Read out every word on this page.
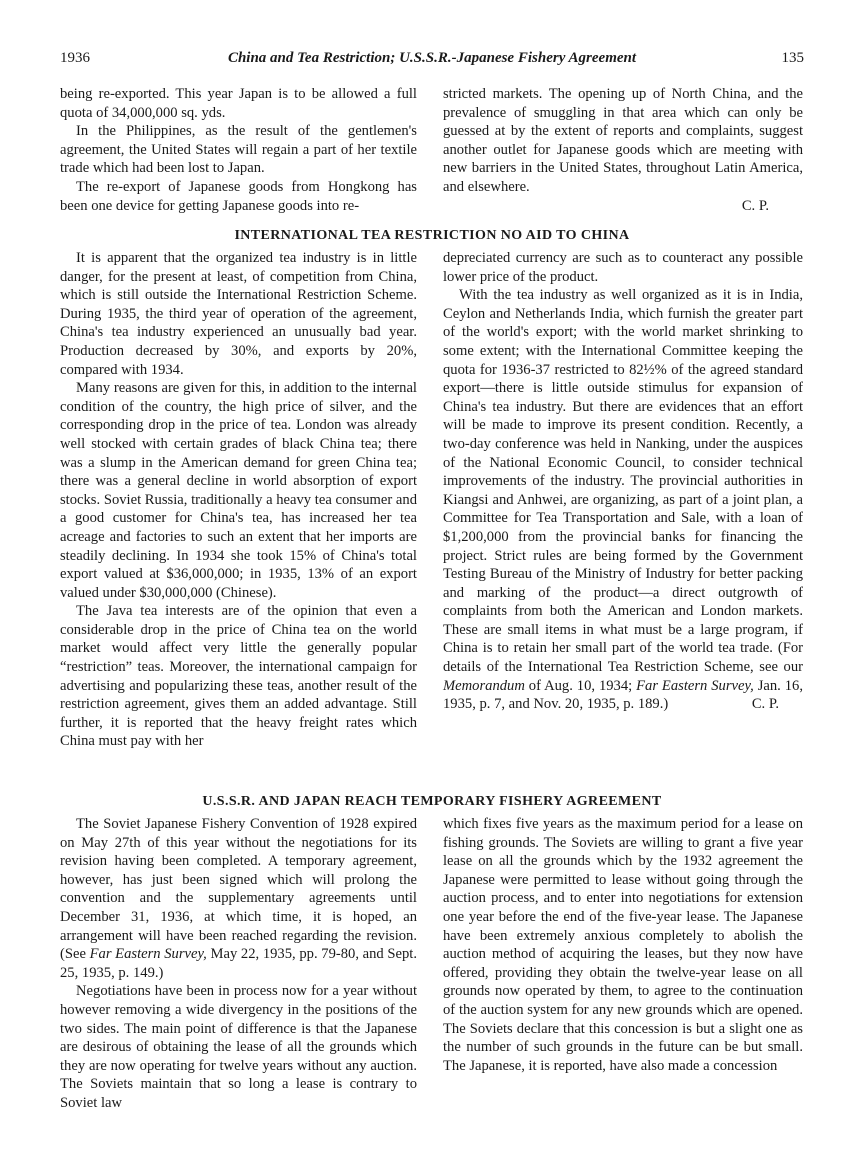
1936	China and Tea Restriction; U.S.S.R.-Japanese Fishery Agreement	135

being re-exported. This year Japan is to be allowed a full quota of 34,000,000 sq. yds.

In the Philippines, as the result of the gentlemen's agreement, the United States will regain a part of her textile trade which had been lost to Japan.

The re-export of Japanese goods from Hongkong has been one device for getting Japanese goods into re-

stricted markets. The opening up of North China, and the prevalence of smuggling in that area which can only be guessed at by the extent of reports and complaints, suggest another outlet for Japanese goods which are meeting with new barriers in the United States, throughout Latin America, and elsewhere.

C. P.
INTERNATIONAL TEA RESTRICTION NO AID TO CHINA

It is apparent that the organized tea industry is in little danger, for the present at least, of competition from China, which is still outside the International Restriction Scheme. During 1935, the third year of operation of the agreement, China's tea industry experienced an unusually bad year. Production decreased by 30%, and exports by 20%, compared with 1934.

Many reasons are given for this, in addition to the internal condition of the country, the high price of silver, and the corresponding drop in the price of tea. London was already well stocked with certain grades of black China tea; there was a slump in the American demand for green China tea; there was a general decline in world absorption of export stocks. Soviet Russia, traditionally a heavy tea consumer and a good customer for China's tea, has increased her tea acreage and factories to such an extent that her imports are steadily declining. In 1934 she took 15% of China's total export valued at $36,000,000; in 1935, 13% of an export valued under $30,000,000 (Chinese).

The Java tea interests are of the opinion that even a considerable drop in the price of China tea on the world market would affect very little the generally popular “restriction” teas. Moreover, the international campaign for advertising and popularizing these teas, another result of the restriction agreement, gives them an added advantage. Still further, it is reported that the heavy freight rates which China must pay with her

depreciated currency are such as to counteract any possible lower price of the product.

With the tea industry as well organized as it is in India, Ceylon and Netherlands India, which furnish the greater part of the world's export; with the world market shrinking to some extent; with the International Committee keeping the quota for 1936-37 restricted to 82½% of the agreed standard export—there is little outside stimulus for expansion of China's tea industry. But there are evidences that an effort will be made to improve its present condition. Recently, a two-day conference was held in Nanking, under the auspices of the National Economic Council, to consider technical improvements of the industry. The provincial authorities in Kiangsi and Anhwei, are organizing, as part of a joint plan, a Committee for Tea Transportation and Sale, with a loan of $1,200,000 from the provincial banks for financing the project. Strict rules are being formed by the Government Testing Bureau of the Ministry of Industry for better packing and marking of the product—a direct outgrowth of complaints from both the American and London markets. These are small items in what must be a large program, if China is to retain her small part of the world tea trade. (For details of the International Tea Restriction Scheme, see our Memorandum of Aug. 10, 1934; Far Eastern Survey, Jan. 16, 1935, p. 7, and Nov. 20, 1935, p. 189.)	C. P.

U.S.S.R. AND JAPAN REACH TEMPORARY FISHERY AGREEMENT

The Soviet Japanese Fishery Convention of 1928 expired on May 27th of this year without the negotiations for its revision having been completed. A temporary agreement, however, has just been signed which will prolong the convention and the supplementary agreements until December 31, 1936, at which time, it is hoped, an arrangement will have been reached regarding the revision. (See Far Eastern Survey, May 22, 1935, pp. 79-80, and Sept. 25, 1935, p. 149.)

Negotiations have been in process now for a year without however removing a wide divergency in the positions of the two sides. The main point of difference is that the Japanese are desirous of obtaining the lease of all the grounds which they are now operating for twelve years without any auction. The Soviets maintain that so long a lease is contrary to Soviet law

which fixes five years as the maximum period for a lease on fishing grounds. The Soviets are willing to grant a five year lease on all the grounds which by the 1932 agreement the Japanese were permitted to lease without going through the auction process, and to enter into negotiations for extension one year before the end of the five-year lease. The Japanese have been extremely anxious completely to abolish the auction method of acquiring the leases, but they now have offered, providing they obtain the twelve-year lease on all grounds now operated by them, to agree to the continuation of the auction system for any new grounds which are opened. The Soviets declare that this concession is but a slight one as the number of such grounds in the future can be but small. The Japanese, it is reported, have also made a concession
